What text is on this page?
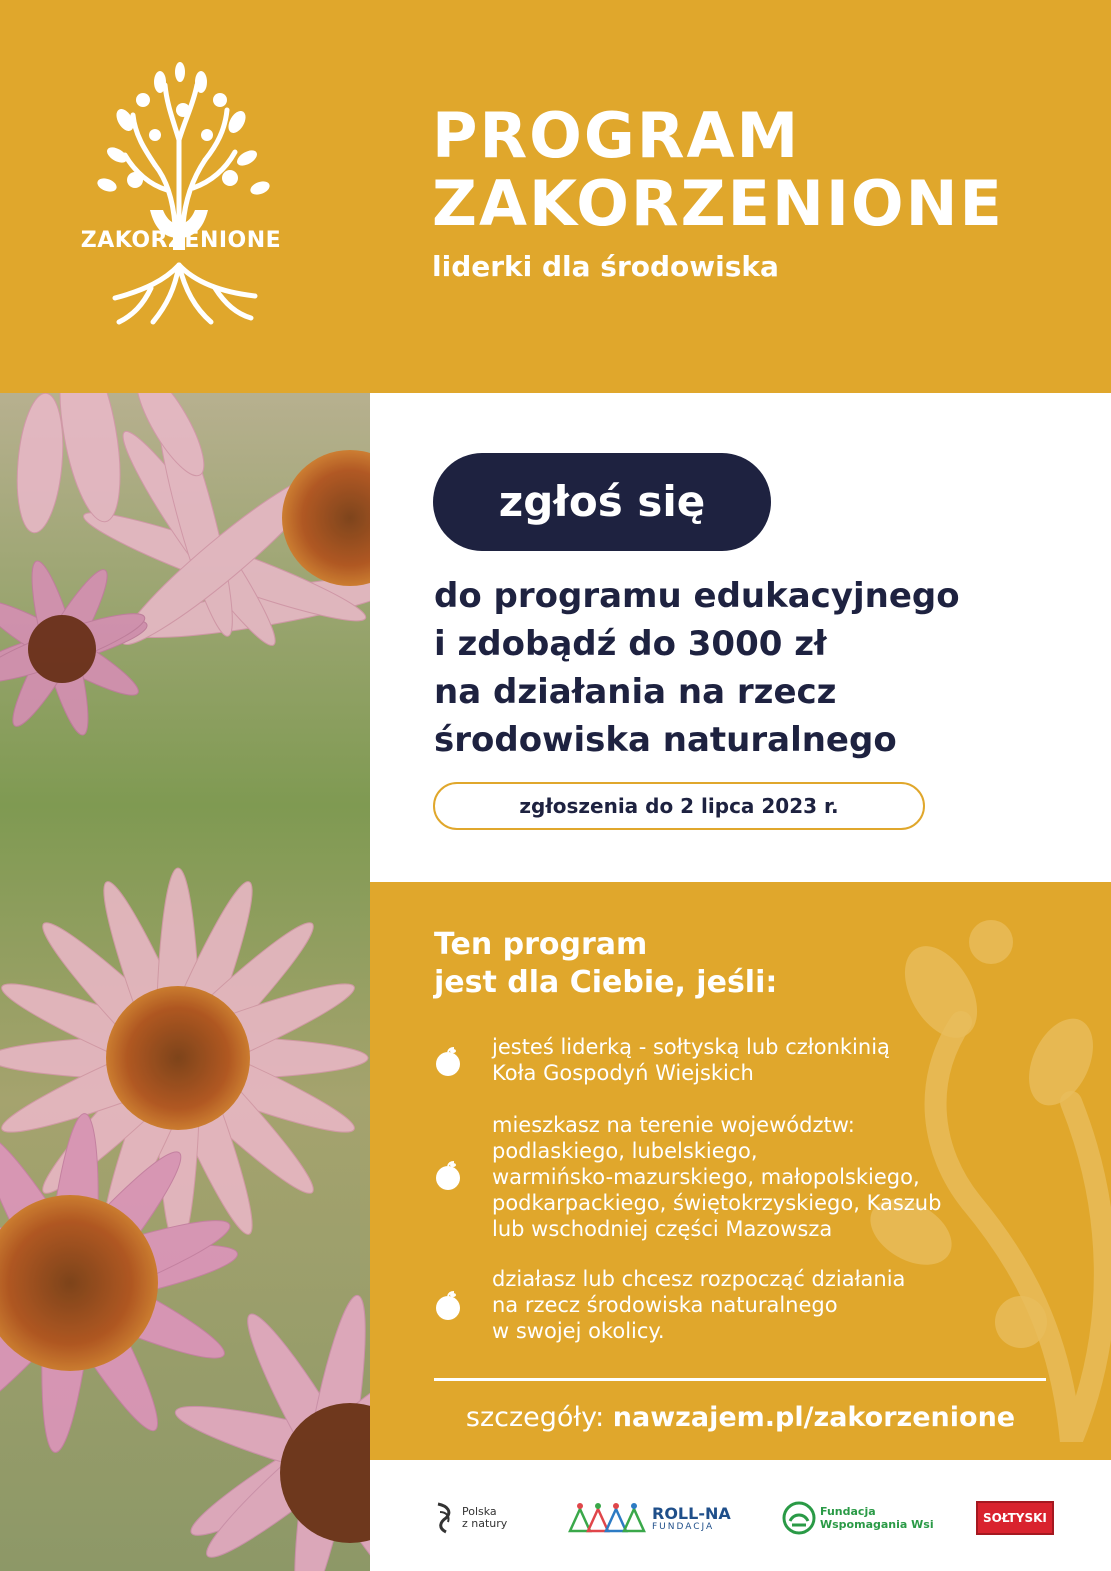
ZAKORZENIONE
PROGRAM
ZAKORZENIONE
liderki dla środowiska
zgłoś się
do programu edukacyjnego
i zdobądź do 3000 zł
na działania na rzecz
środowiska naturalnego
zgłoszenia do 2 lipca 2023 r.
Ten program
jest dla Ciebie, jeśli:
jesteś liderką - sołtyską lub członkinią
Koła Gospodyń Wiejskich
mieszkasz na terenie województw:
podlaskiego, lubelskiego,
warmińsko-mazurskiego, małopolskiego,
podkarpackiego, świętokrzyskiego, Kaszub
lub wschodniej części Mazowsza
działasz lub chcesz rozpocząć działania
na rzecz środowiska naturalnego
w swojej okolicy.
szczegóły: nawzajem.pl/zakorzenione
Polska
z natury
ROLL-NA
FUNDACJA
Fundacja
Wspomagania Wsi	SOŁTYSKI
